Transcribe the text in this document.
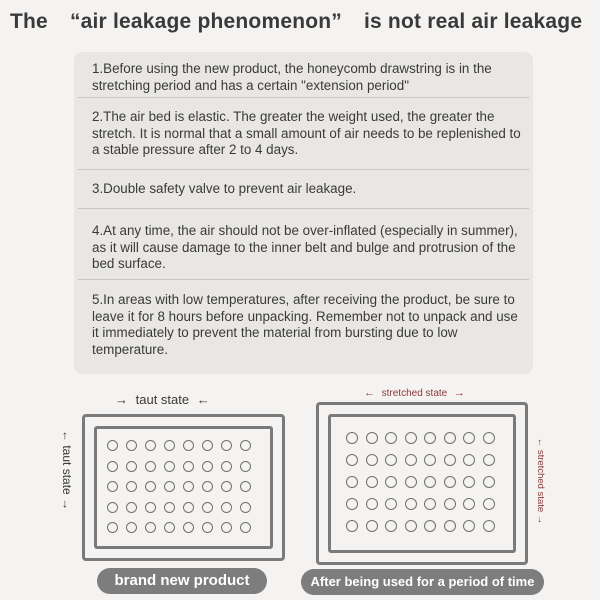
The “air leakage phenomenon” is not real air leakage
1.Before using the new product, the honeycomb drawstring is in the stretching period and has a certain "extension period"
2.The air bed is elastic. The greater the weight used, the greater the stretch. It is normal that a small amount of air needs to be replenished to a stable pressure after 2 to 4 days.
3.Double safety valve to prevent air leakage.
4.At any time, the air should not be over-inflated (especially in summer), as it will cause damage to the inner belt and bulge and protrusion of the bed surface.
5.In areas with low temperatures, after receiving the product, be sure to leave it for 8 hours before unpacking. Remember not to unpack and use it immediately to prevent the material from bursting due to low temperature.
→ taut state ←
← taut state →
brand new product
← stretched state →
← stretched state →
After being used for a period of time
